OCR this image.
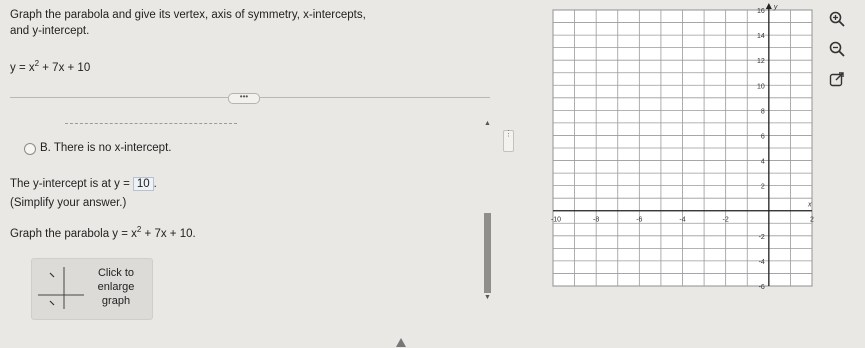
Graph the parabola and give its vertex, axis of symmetry, x-intercepts,
and y-intercept.
$y = x^2 + 7x + 10$
•••
B. There is no x-intercept.
The y-intercept is at y = 10 .
(Simplify your answer.)
Graph the parabola $y = x^2 + 7x + 10$.
Click to
enlarge
graph
▲
▼
⋮
-10	-8	-6	-4	-2	2
16
14
12
10
8
6
4
2
-2
-4
-6
x
y
